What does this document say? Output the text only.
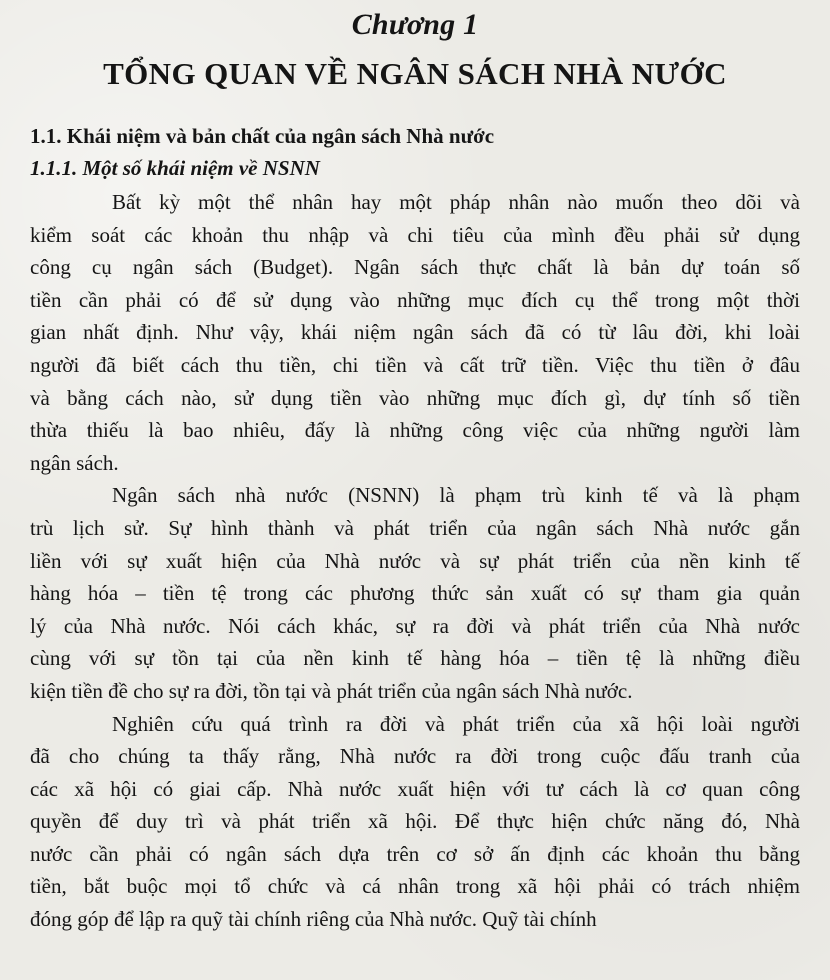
Chương 1
TỔNG QUAN VỀ NGÂN SÁCH NHÀ NƯỚC
1.1. Khái niệm và bản chất của ngân sách Nhà nước
1.1.1. Một số khái niệm về NSNN

Bất kỳ một thể nhân hay một pháp nhân nào muốn theo dõi và
kiểm soát các khoản thu nhập và chi tiêu của mình đều phải sử dụng
công cụ ngân sách (Budget). Ngân sách thực chất là bản dự toán số
tiền cần phải có để sử dụng vào những mục đích cụ thể trong một thời
gian nhất định. Như vậy, khái niệm ngân sách đã có từ lâu đời, khi loài
người đã biết cách thu tiền, chi tiền và cất trữ tiền. Việc thu tiền ở đâu
và bằng cách nào, sử dụng tiền vào những mục đích gì, dự tính số tiền
thừa thiếu là bao nhiêu, đấy là những công việc của những người làm
ngân sách.

Ngân sách nhà nước (NSNN) là phạm trù kinh tế và là phạm
trù lịch sử. Sự hình thành và phát triển của ngân sách Nhà nước gắn
liền với sự xuất hiện của Nhà nước và sự phát triển của nền kinh tế
hàng hóa – tiền tệ trong các phương thức sản xuất có sự tham gia quản
lý của Nhà nước. Nói cách khác, sự ra đời và phát triển của Nhà nước
cùng với sự tồn tại của nền kinh tế hàng hóa – tiền tệ là những điều
kiện tiền đề cho sự ra đời, tồn tại và phát triển của ngân sách Nhà nước.

Nghiên cứu quá trình ra đời và phát triển của xã hội loài người
đã cho chúng ta thấy rằng, Nhà nước ra đời trong cuộc đấu tranh của
các xã hội có giai cấp. Nhà nước xuất hiện với tư cách là cơ quan công
quyền để duy trì và phát triển xã hội. Để thực hiện chức năng đó, Nhà
nước cần phải có ngân sách dựa trên cơ sở ấn định các khoản thu bằng
tiền, bắt buộc mọi tổ chức và cá nhân trong xã hội phải có trách nhiệm
đóng góp để lập ra quỹ tài chính riêng của Nhà nước. Quỹ tài chính
